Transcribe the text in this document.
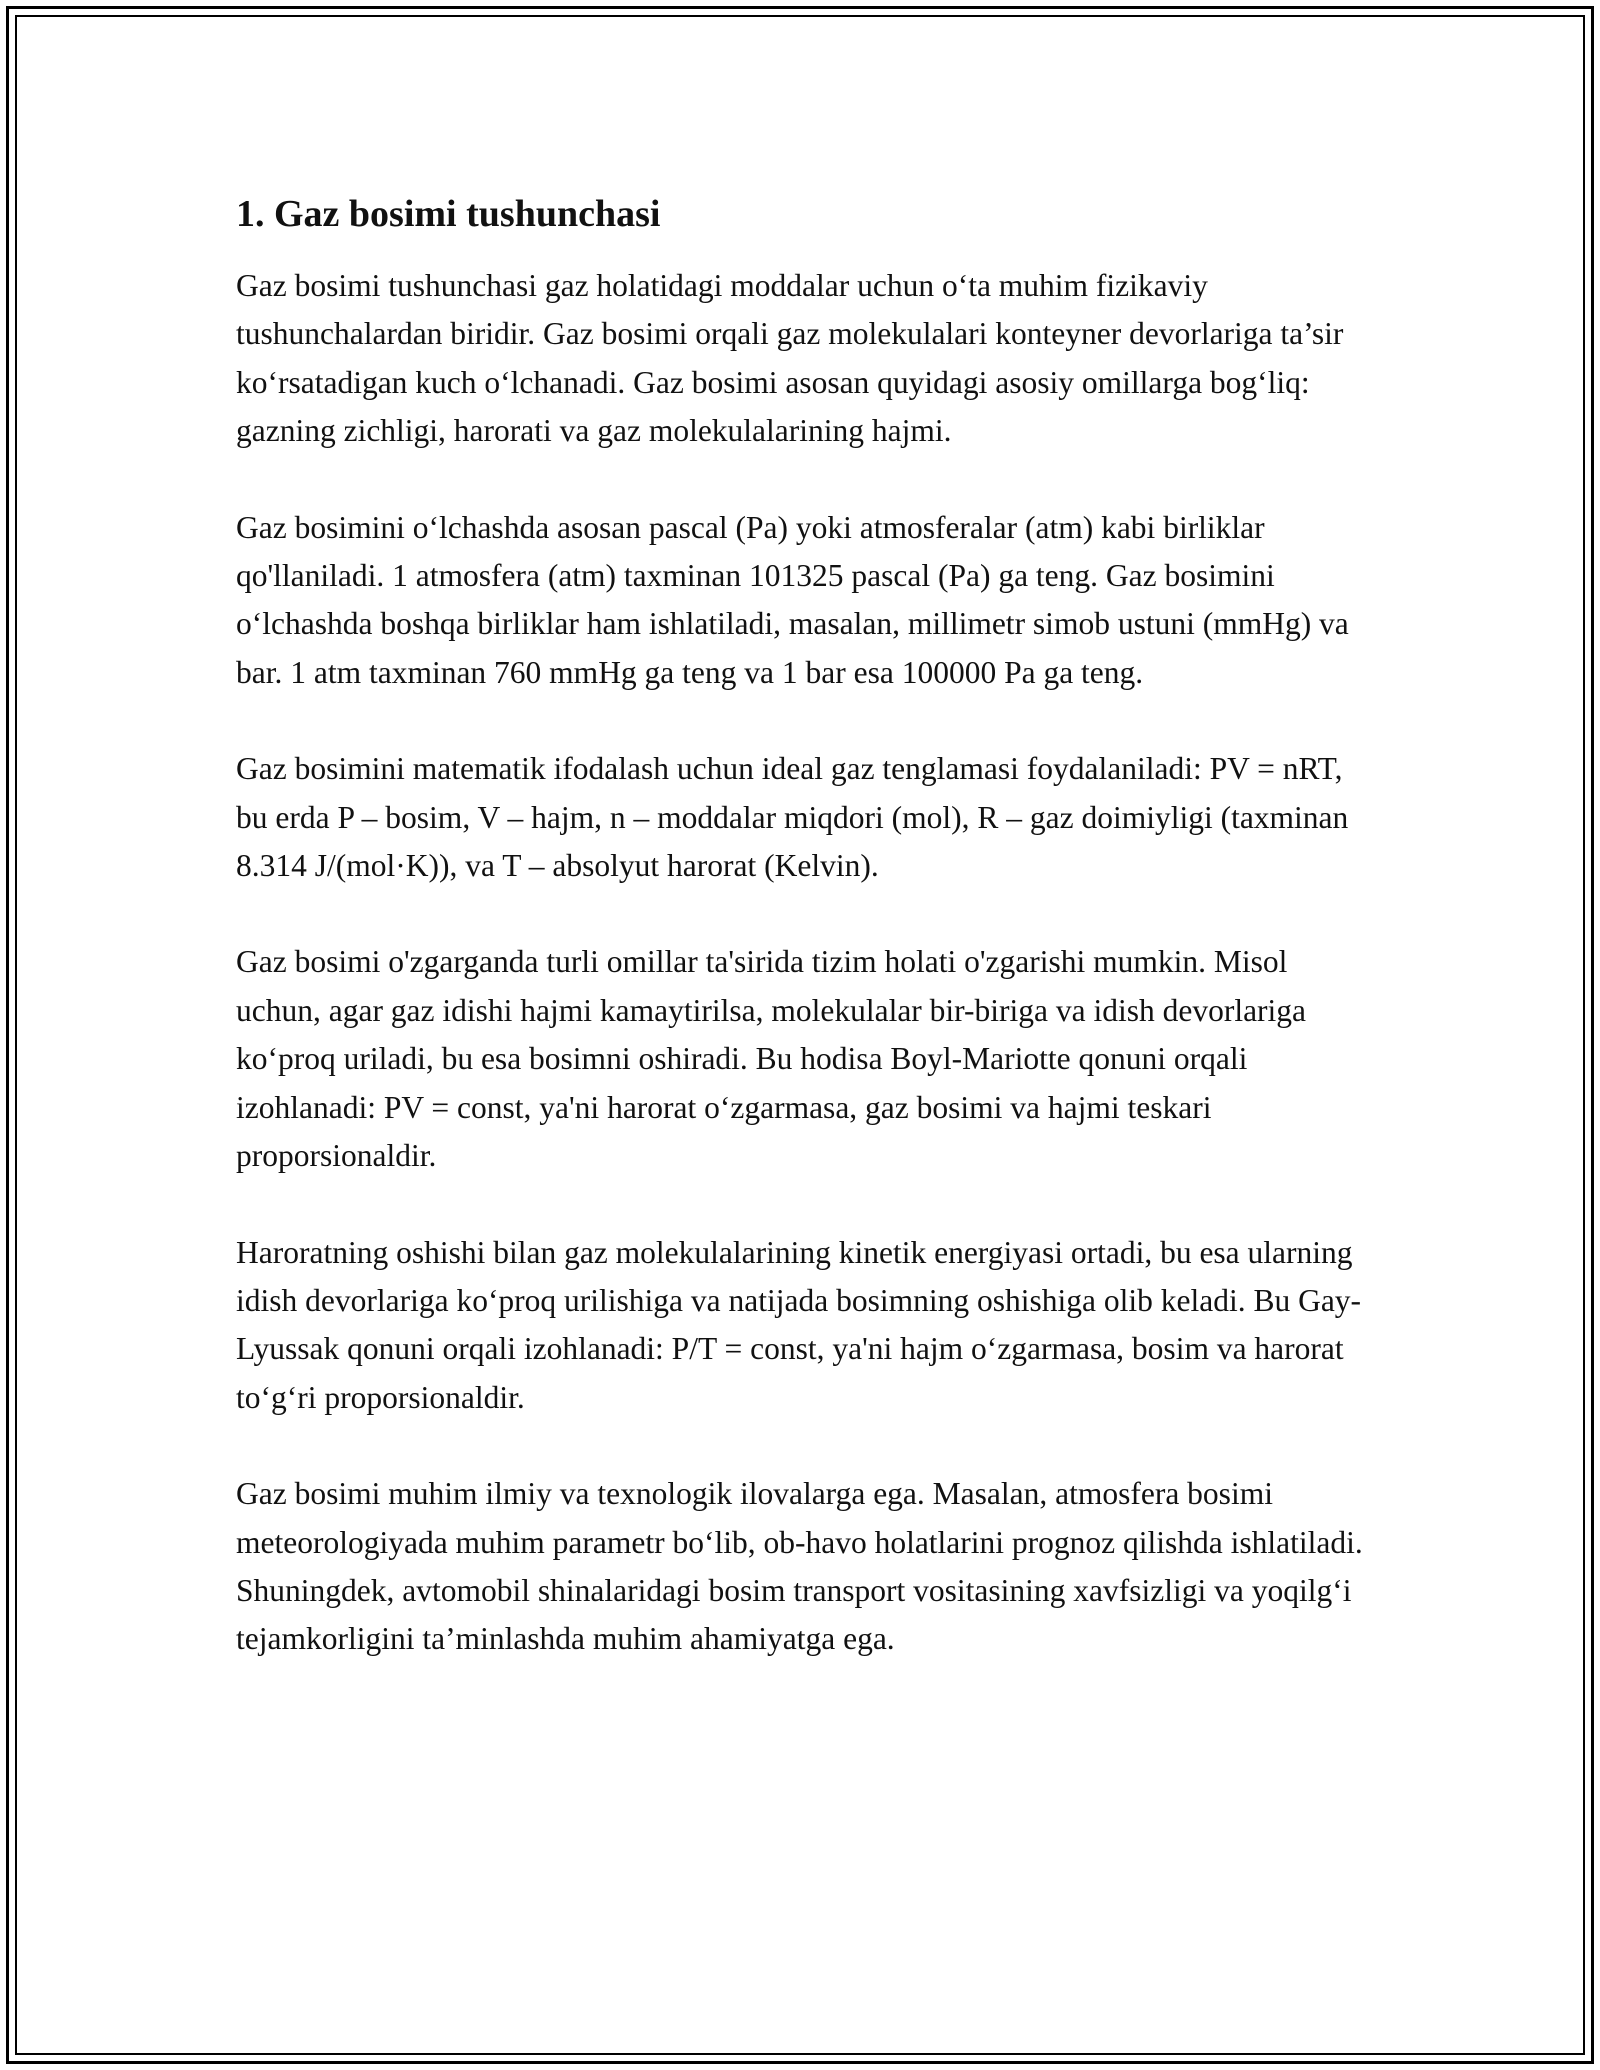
1. Gaz bosimi tushunchasi

Gaz bosimi tushunchasi gaz holatidagi moddalar uchun o‘ta muhim fizikaviy tushunchalardan biridir. Gaz bosimi orqali gaz molekulalari konteyner devorlariga ta’sir ko‘rsatadigan kuch o‘lchanadi. Gaz bosimi asosan quyidagi asosiy omillarga bog‘liq: gazning zichligi, harorati va gaz molekulalarining hajmi.

Gaz bosimini o‘lchashda asosan pascal (Pa) yoki atmosferalar (atm) kabi birliklar qo'llaniladi. 1 atmosfera (atm) taxminan 101325 pascal (Pa) ga teng. Gaz bosimini o‘lchashda boshqa birliklar ham ishlatiladi, masalan, millimetr simob ustuni (mmHg) va bar. 1 atm taxminan 760 mmHg ga teng va 1 bar esa 100000 Pa ga teng.

Gaz bosimini matematik ifodalash uchun ideal gaz tenglamasi foydalaniladi: PV = nRT, bu erda P – bosim, V – hajm, n – moddalar miqdori (mol), R – gaz doimiyligi (taxminan 8.314 J/(mol·K)), va T – absolyut harorat (Kelvin).

Gaz bosimi o'zgarganda turli omillar ta'sirida tizim holati o'zgarishi mumkin. Misol uchun, agar gaz idishi hajmi kamaytirilsa, molekulalar bir-biriga va idish devorlariga ko‘proq uriladi, bu esa bosimni oshiradi. Bu hodisa Boyl-Mariotte qonuni orqali izohlanadi: PV = const, ya'ni harorat o‘zgarmasa, gaz bosimi va hajmi teskari proporsionaldir.

Haroratning oshishi bilan gaz molekulalarining kinetik energiyasi ortadi, bu esa ularning idish devorlariga ko‘proq urilishiga va natijada bosimning oshishiga olib keladi. Bu Gay-Lyussak qonuni orqali izohlanadi: P/T = const, ya'ni hajm o‘zgarmasa, bosim va harorat to‘g‘ri proporsionaldir.

Gaz bosimi muhim ilmiy va texnologik ilovalarga ega. Masalan, atmosfera bosimi meteorologiyada muhim parametr bo‘lib, ob-havo holatlarini prognoz qilishda ishlatiladi. Shuningdek, avtomobil shinalaridagi bosim transport vositasining xavfsizligi va yoqilg‘i tejamkorligini ta’minlashda muhim ahamiyatga ega.
